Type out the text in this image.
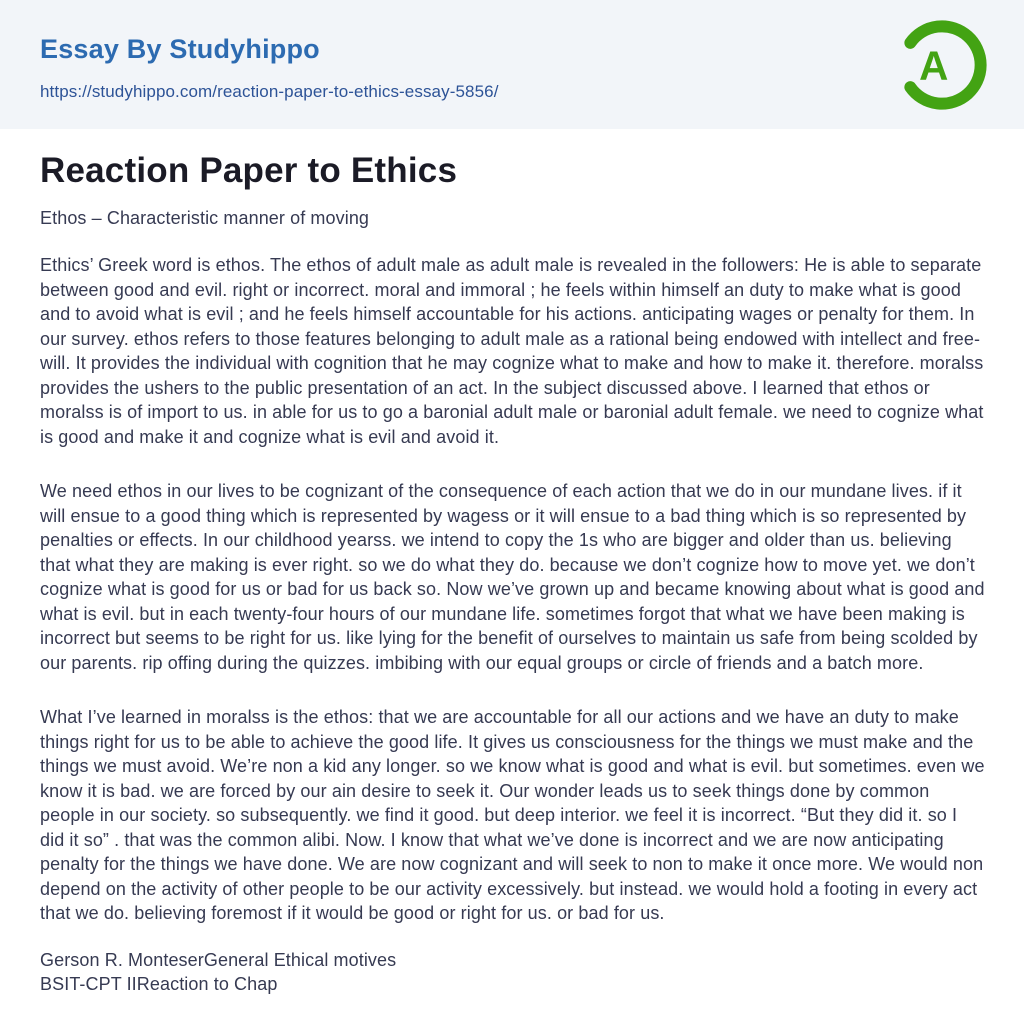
Essay By Studyhippo
https://studyhippo.com/reaction-paper-to-ethics-essay-5856/
A
Reaction Paper to Ethics

Ethos – Characteristic manner of moving

Ethics’ Greek word is ethos. The ethos of adult male as adult male is revealed in the followers: He is able to separate between good and evil. right or incorrect. moral and immoral ; he feels within himself an duty to make what is good and to avoid what is evil ; and he feels himself accountable for his actions. anticipating wages or penalty for them. In our survey. ethos refers to those features belonging to adult male as a rational being endowed with intellect and free-will. It provides the individual with cognition that he may cognize what to make and how to make it. therefore. moralss provides the ushers to the public presentation of an act. In the subject discussed above. I learned that ethos or moralss is of import to us. in able for us to go a baronial adult male or baronial adult female. we need to cognize what is good and make it and cognize what is evil and avoid it.

We need ethos in our lives to be cognizant of the consequence of each action that we do in our mundane lives. if it will ensue to a good thing which is represented by wagess or it will ensue to a bad thing which is so represented by penalties or effects. In our childhood yearss. we intend to copy the 1s who are bigger and older than us. believing that what they are making is ever right. so we do what they do. because we don’t cognize how to move yet. we don’t cognize what is good for us or bad for us back so. Now we’ve grown up and became knowing about what is good and what is evil. but in each twenty-four hours of our mundane life. sometimes forgot that what we have been making is incorrect but seems to be right for us. like lying for the benefit of ourselves to maintain us safe from being scolded by our parents. rip offing during the quizzes. imbibing with our equal groups or circle of friends and a batch more.

What I’ve learned in moralss is the ethos: that we are accountable for all our actions and we have an duty to make things right for us to be able to achieve the good life. It gives us consciousness for the things we must make and the things we must avoid. We’re non a kid any longer. so we know what is good and what is evil. but sometimes. even we know it is bad. we are forced by our ain desire to seek it. Our wonder leads us to seek things done by common people in our society. so subsequently. we find it good. but deep interior. we feel it is incorrect. “But they did it. so I did it so” . that was the common alibi. Now. I know that what we’ve done is incorrect and we are now anticipating penalty for the things we have done. We are now cognizant and will seek to non to make it once more. We would non depend on the activity of other people to be our activity excessively. but instead. we would hold a footing in every act that we do. believing foremost if it would be good or right for us. or bad for us.

Gerson R. MonteserGeneral Ethical motives

BSIT-CPT IIReaction to Chap
